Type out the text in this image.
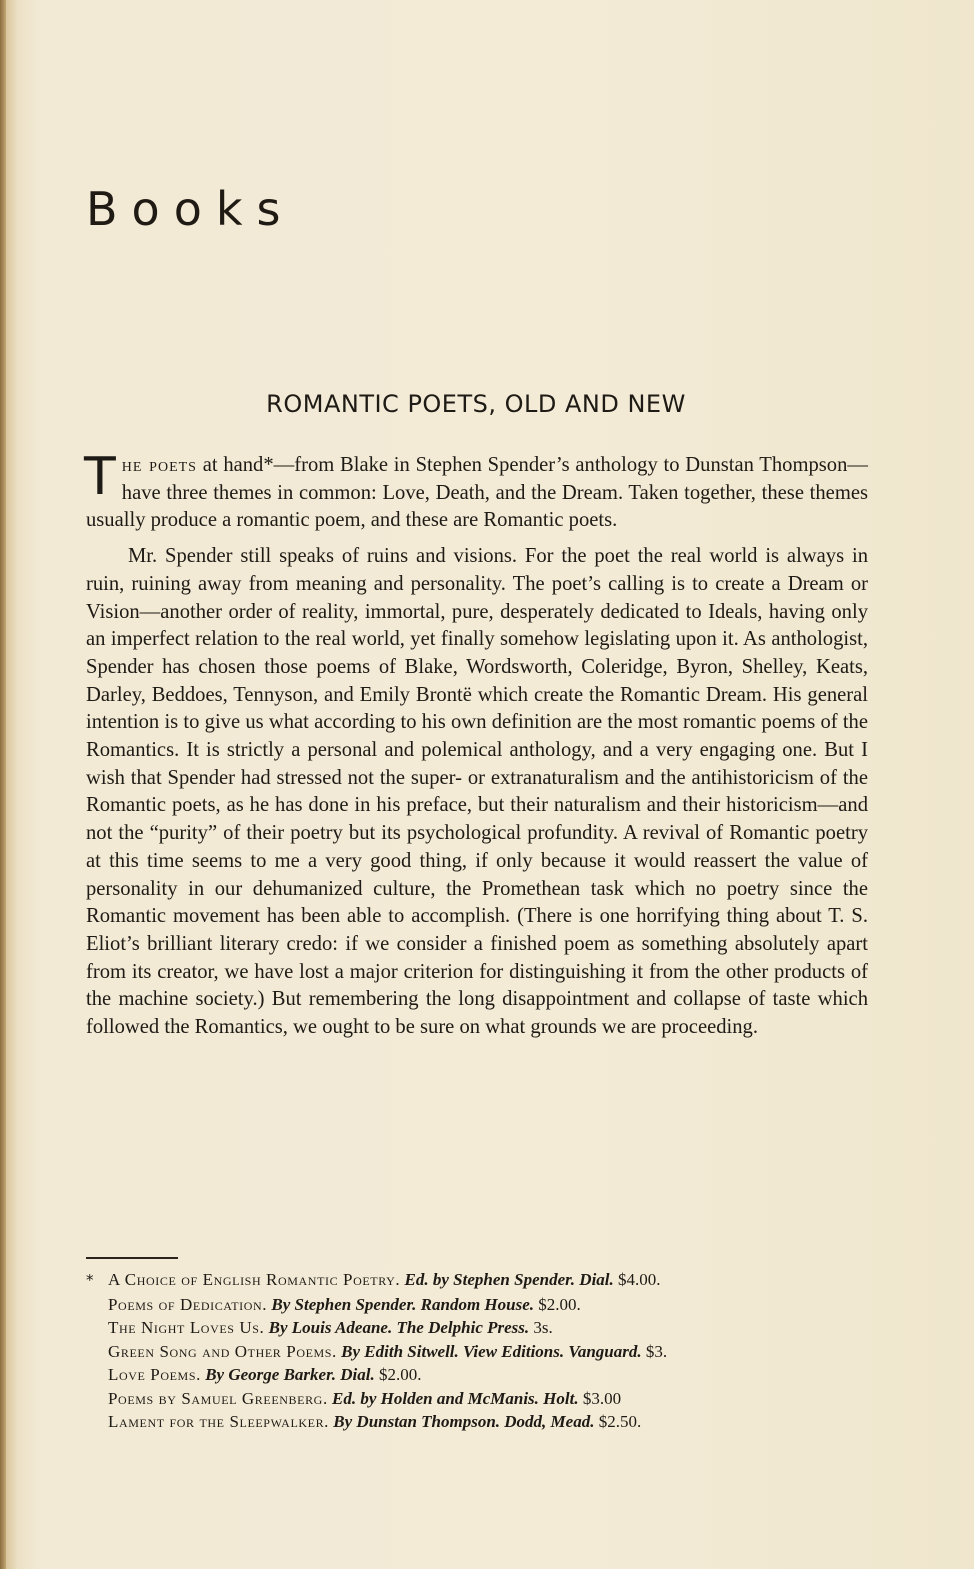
Books
ROMANTIC POETS, OLD AND NEW

The poets at hand*—from Blake in Stephen Spender’s anthology to Dunstan Thompson—have three themes in common: Love, Death, and the Dream. Taken together, these themes usually produce a romantic poem, and these are Romantic poets.

Mr. Spender still speaks of ruins and visions. For the poet the real world is always in ruin, ruining away from meaning and personality. The poet’s calling is to create a Dream or Vision—another order of reality, immortal, pure, desperately dedicated to Ideals, having only an imperfect relation to the real world, yet finally somehow legislating upon it. As anthologist, Spender has chosen those poems of Blake, Wordsworth, Coleridge, Byron, Shelley, Keats, Darley, Beddoes, Tennyson, and Emily Brontë which create the Romantic Dream. His general intention is to give us what according to his own definition are the most romantic poems of the Romantics. It is strictly a personal and polemical anthology, and a very engaging one. But I wish that Spender had stressed not the super- or extranaturalism and the antihistoricism of the Romantic poets, as he has done in his preface, but their naturalism and their historicism—and not the “purity” of their poetry but its psychological profundity. A revival of Romantic poetry at this time seems to me a very good thing, if only because it would reassert the value of personality in our dehumanized culture, the Promethean task which no poetry since the Romantic movement has been able to accomplish. (There is one horrifying thing about T. S. Eliot’s brilliant literary credo: if we consider a finished poem as something absolutely apart from its creator, we have lost a major criterion for distinguishing it from the other products of the machine society.) But remembering the long disappointment and collapse of taste which followed the Romantics, we ought to be sure on what grounds we are proceeding.

* A Choice of English Romantic Poetry. Ed. by Stephen Spender. Dial. $4.00.
Poems of Dedication. By Stephen Spender. Random House. $2.00.
The Night Loves Us. By Louis Adeane. The Delphic Press. 3s.
Green Song and Other Poems. By Edith Sitwell. View Editions. Vanguard. $3.
Love Poems. By George Barker. Dial. $2.00.
Poems by Samuel Greenberg. Ed. by Holden and McManis. Holt. $3.00
Lament for the Sleepwalker. By Dunstan Thompson. Dodd, Mead. $2.50.
